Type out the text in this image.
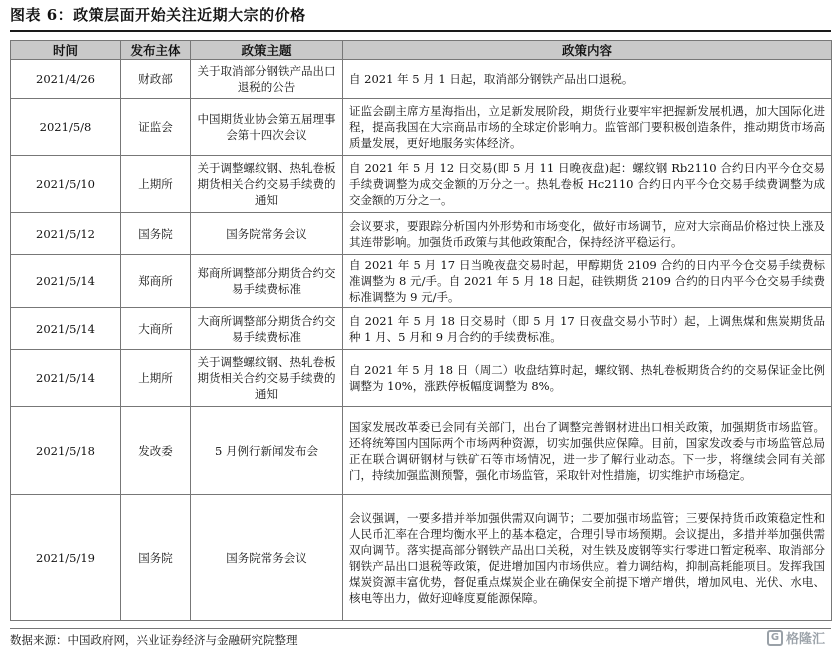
图表 6：政策层面开始关注近期大宗的价格
时间	发布主体	政策主题	政策内容
2021/4/26	财政部	关于取消部分钢铁产品出口退税的公告	自 2021 年 5 月 1 日起，取消部分钢铁产品出口退税。
2021/5/8	证监会	中国期货业协会第五届理事会第十四次会议	证监会副主席方星海指出，立足新发展阶段，期货行业要牢牢把握新发展机遇，加大国际化进程，提高我国在大宗商品市场的全球定价影响力。监管部门要积极创造条件，推动期货市场高质量发展，更好地服务实体经济。
2021/5/10	上期所	关于调整螺纹钢、热轧卷板期货相关合约交易手续费的通知	自 2021 年 5 月 12 日交易(即 5 月 11 日晚夜盘)起：螺纹钢 Rb2110 合约日内平今仓交易手续费调整为成交金额的万分之一。热轧卷板 Hc2110 合约日内平今仓交易手续费调整为成交金额的万分之一。
2021/5/12	国务院	国务院常务会议	会议要求，要跟踪分析国内外形势和市场变化，做好市场调节，应对大宗商品价格过快上涨及其连带影响。加强货币政策与其他政策配合，保持经济平稳运行。
2021/5/14	郑商所	郑商所调整部分期货合约交易手续费标准	自 2021 年 5 月 17 日当晚夜盘交易时起，甲醇期货 2109 合约的日内平今仓交易手续费标准调整为 8 元/手。自 2021 年 5 月 18 日起，硅铁期货 2109 合约的日内平今仓交易手续费标准调整为 9 元/手。
2021/5/14	大商所	大商所调整部分期货合约交易手续费标准	自 2021 年 5 月 18 日交易时（即 5 月 17 日夜盘交易小节时）起，上调焦煤和焦炭期货品种 1 月、5 月和 9 月合约的手续费标准。
2021/5/14	上期所	关于调整螺纹钢、热轧卷板期货相关合约交易手续费的通知	自 2021 年 5 月 18 日（周二）收盘结算时起，螺纹钢、热轧卷板期货合约的交易保证金比例调整为 10%，涨跌停板幅度调整为 8%。
2021/5/18	发改委	5 月例行新闻发布会	国家发展改革委已会同有关部门，出台了调整完善钢材进出口相关政策，加强期货市场监管。还将统筹国内国际两个市场两种资源，切实加强供应保障。目前，国家发改委与市场监管总局正在联合调研钢材与铁矿石等市场情况，进一步了解行业动态。下一步，将继续会同有关部门，持续加强监测预警，强化市场监管，采取针对性措施，切实维护市场稳定。
2021/5/19	国务院	国务院常务会议	会议强调，一要多措并举加强供需双向调节；二要加强市场监管；三要保持货币政策稳定性和人民币汇率在合理均衡水平上的基本稳定，合理引导市场预期。会议提出，多措并举加强供需双向调节。落实提高部分钢铁产品出口关税，对生铁及废钢等实行零进口暂定税率、取消部分钢铁产品出口退税等政策，促进增加国内市场供应。着力调结构，抑制高耗能项目。发挥我国煤炭资源丰富优势，督促重点煤炭企业在确保安全前提下增产增供，增加风电、光伏、水电、核电等出力，做好迎峰度夏能源保障。
数据来源：中国政府网，兴业证券经济与金融研究院整理	G 格隆汇
